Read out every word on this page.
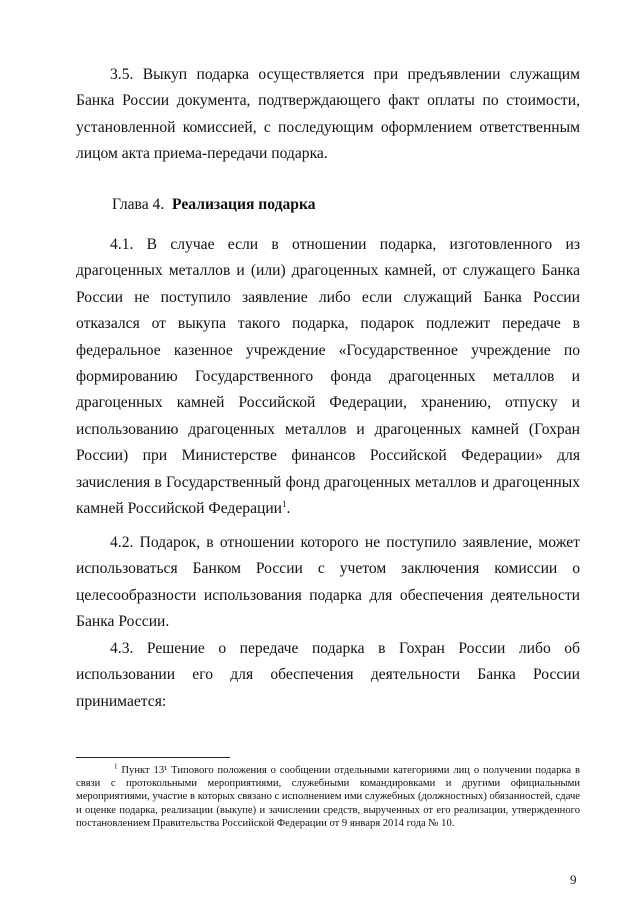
3.5. Выкуп подарка осуществляется при предъявлении служащим Банка России документа, подтверждающего факт оплаты по стоимости, установленной комиссией, с последующим оформлением ответственным лицом акта приема-передачи подарка.

Глава 4. Реализация подарка

4.1. В случае если в отношении подарка, изготовленного из драгоценных металлов и (или) драгоценных камней, от служащего Банка России не поступило заявление либо если служащий Банка России отказался от выкупа такого подарка, подарок подлежит передаче в федеральное казенное учреждение «Государственное учреждение по формированию Государственного фонда драгоценных металлов и драгоценных камней Российской Федерации, хранению, отпуску и использованию драгоценных металлов и драгоценных камней (Гохран России) при Министерстве финансов Российской Федерации» для зачисления в Государственный фонд драгоценных металлов и драгоценных камней Российской Федерации$^1$.

4.2. Подарок, в отношении которого не поступило заявление, может использоваться Банком России с учетом заключения комиссии о целесообразности использования подарка для обеспечения деятельности Банка России.

4.3. Решение о передаче подарка в Гохран России либо об использовании его для обеспечения деятельности Банка России принимается:

$^1$ Пункт 13¹ Типового положения о сообщении отдельными категориями лиц о получении подарка в связи с протокольными мероприятиями, служебными командировками и другими официальными мероприятиями, участие в которых связано с исполнением ими служебных (должностных) обязанностей, сдаче и оценке подарка, реализации (выкупе) и зачислении средств, вырученных от его реализации, утвержденного постановлением Правительства Российской Федерации от 9 января 2014 года № 10.

9
